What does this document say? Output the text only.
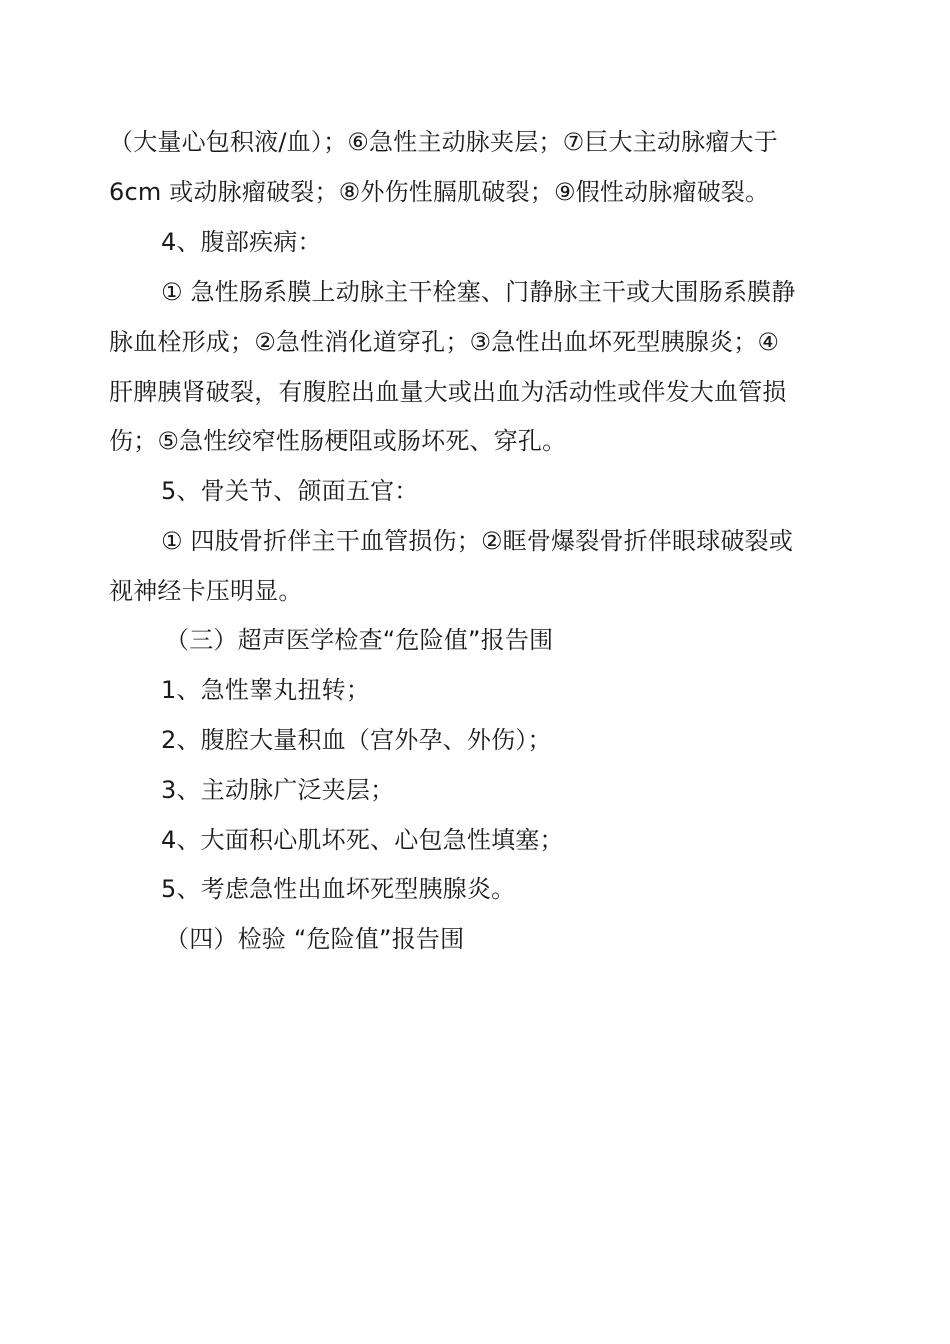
（大量心包积液/血）；⑥急性主动脉夹层；⑦巨大主动脉瘤大于
6cm 或动脉瘤破裂；⑧外伤性膈肌破裂；⑨假性动脉瘤破裂。
4、腹部疾病：
① 急性肠系膜上动脉主干栓塞、门静脉主干或大围肠系膜静
脉血栓形成；②急性消化道穿孔；③急性出血坏死型胰腺炎；④
肝脾胰肾破裂，有腹腔出血量大或出血为活动性或伴发大血管损
伤；⑤急性绞窄性肠梗阻或肠坏死、穿孔。
5、骨关节、颌面五官：
① 四肢骨折伴主干血管损伤；②眶骨爆裂骨折伴眼球破裂或
视神经卡压明显。
（三）超声医学检查“危险值”报告围
1、急性睾丸扭转；
2、腹腔大量积血（宫外孕、外伤）；
3、主动脉广泛夹层；
4、大面积心肌坏死、心包急性填塞；
5、考虑急性出血坏死型胰腺炎。
（四）检验 “危险值”报告围
